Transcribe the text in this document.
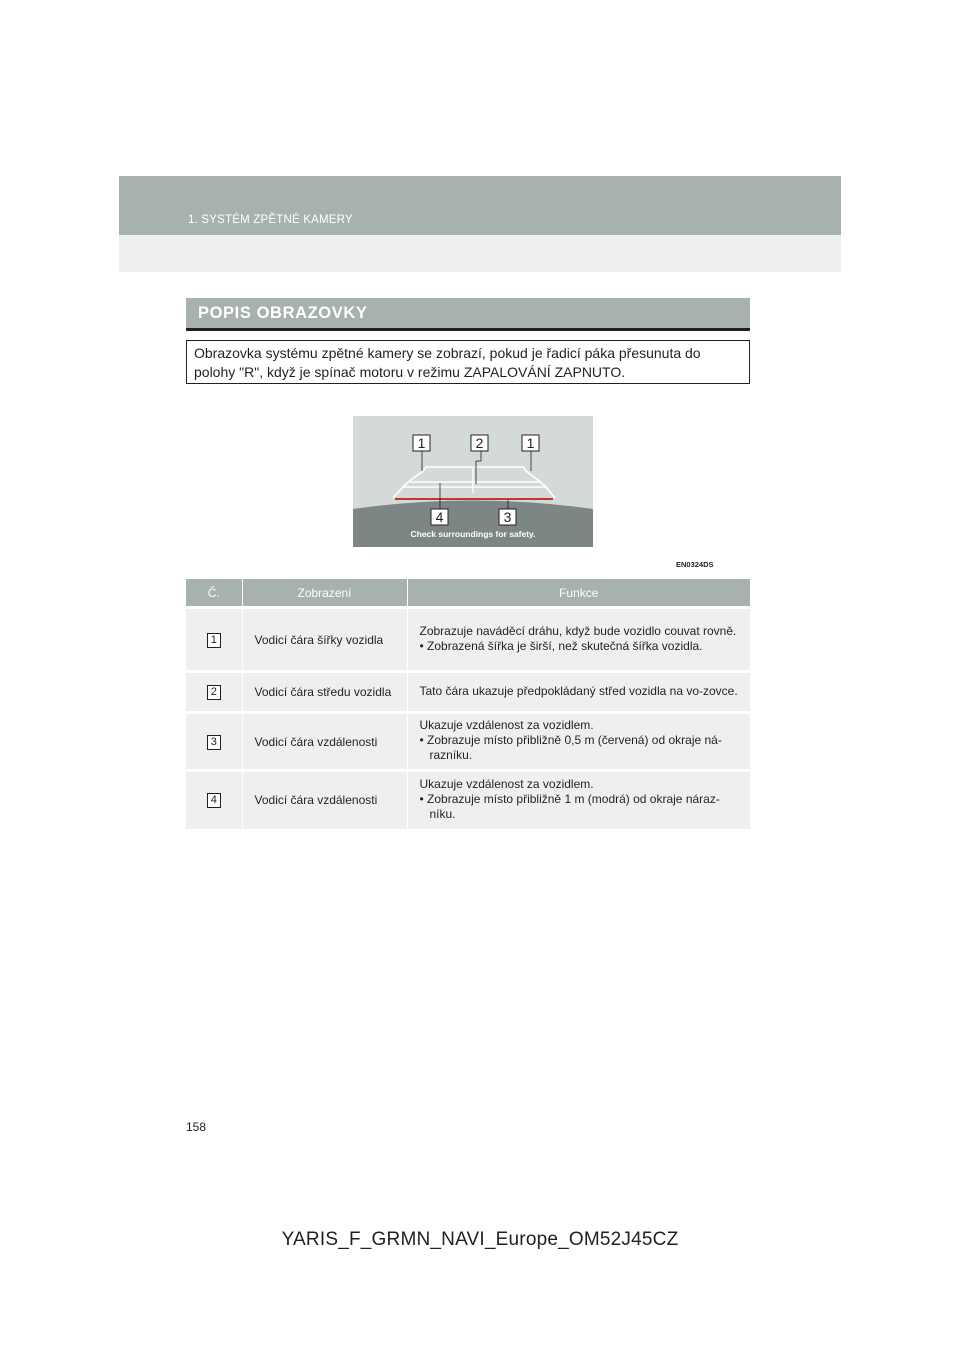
1. SYSTÉM ZPĚTNÉ KAMERY
POPIS OBRAZOVKY
Obrazovka systému zpětné kamery se zobrazí, pokud je řadicí páka přesunuta do polohy "R", když je spínač motoru v režimu ZAPALOVÁNÍ ZAPNUTO.
1	2	1
4	3
Check surroundings for safety.
EN0324DS
Č.	Zobrazení	Funkce
1	Vodicí čára šířky vozidla	Zobrazuje naváděcí dráhu, když bude vozidlo couvat rovně.
• Zobrazená šířka je širší, než skutečná šířka vozidla.

2	Vodicí čára středu vozidla	Tato čára ukazuje předpokládaný střed vozidla na vo-zovce.

3	Vodicí čára vzdálenosti	Ukazuje vzdálenost za vozidlem.
• Zobrazuje místo přibližně 0,5 m (červená) od okraje ná-razníku.

4	Vodicí čára vzdálenosti	Ukazuje vzdálenost za vozidlem.
• Zobrazuje místo přibližně 1 m (modrá) od okraje náraz-níku.
158
YARIS_F_GRMN_NAVI_Europe_OM52J45CZ
